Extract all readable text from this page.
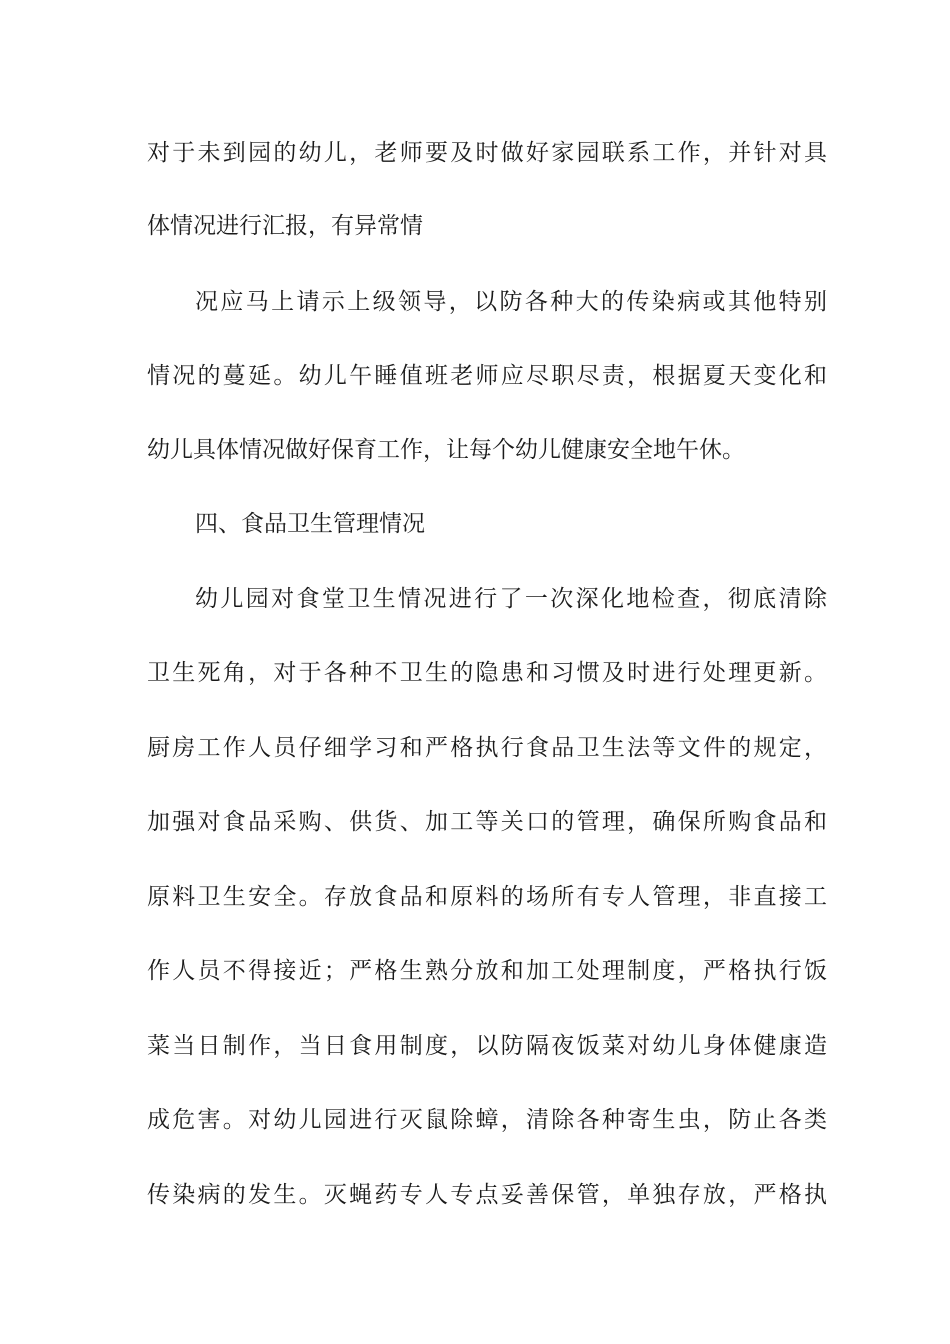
对于未到园的幼儿，老师要及时做好家园联系工作，并针对具
体情况进行汇报，有异常情
况应马上请示上级领导，以防各种大的传染病或其他特别
情况的蔓延。幼儿午睡值班老师应尽职尽责，根据夏天变化和
幼儿具体情况做好保育工作，让每个幼儿健康安全地午休。
四、食品卫生管理情况
幼儿园对食堂卫生情况进行了一次深化地检查，彻底清除
卫生死角，对于各种不卫生的隐患和习惯及时进行处理更新。
厨房工作人员仔细学习和严格执行食品卫生法等文件的规定，
加强对食品采购、供货、加工等关口的管理，确保所购食品和
原料卫生安全。存放食品和原料的场所有专人管理，非直接工
作人员不得接近；严格生熟分放和加工处理制度，严格执行饭
菜当日制作，当日食用制度，以防隔夜饭菜对幼儿身体健康造
成危害。对幼儿园进行灭鼠除蟑，清除各种寄生虫，防止各类
传染病的发生。灭蝇药专人专点妥善保管，单独存放，严格执
